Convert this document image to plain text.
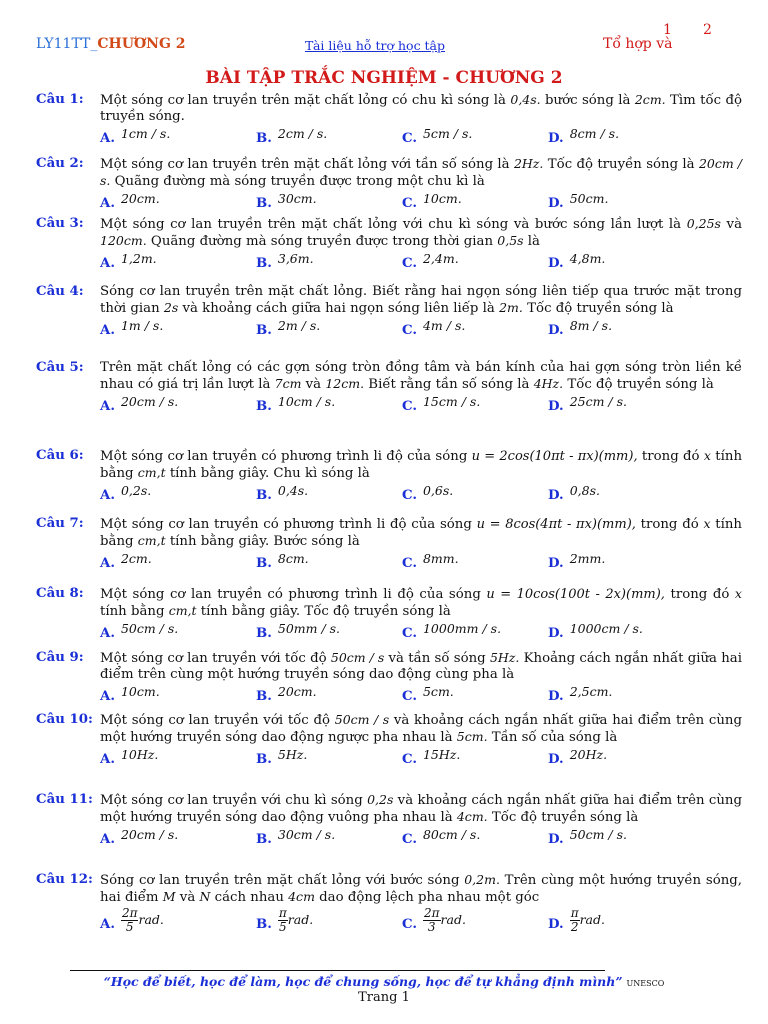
LY11TT_CHƯƠNG 2	Tài liệu hỗ trợ học tập	Tổ hợp và
1 2
BÀI TẬP TRẮC NGHIỆM - CHƯƠNG 2
Câu 1: Một sóng cơ lan truyền trên mặt chất lỏng có chu kì sóng là 0,4s. bước sóng là 2cm. Tìm tốc độ truyền sóng.
A. 1cm / s.	B. 2cm / s.	C. 5cm / s.	D. 8cm / s.
Câu 2: Một sóng cơ lan truyền trên mặt chất lỏng với tần số sóng là 2Hz. Tốc độ truyền sóng là 20cm / s. Quãng đường mà sóng truyền được trong một chu kì là
A. 20cm.	B. 30cm.	C. 10cm.	D. 50cm.
Câu 3: Một sóng cơ lan truyền trên mặt chất lỏng với chu kì sóng và bước sóng lần lượt là 0,25s và 120cm. Quãng đường mà sóng truyền được trong thời gian 0,5s là
A. 1,2m.	B. 3,6m.	C. 2,4m.	D. 4,8m.
Câu 4: Sóng cơ lan truyền trên mặt chất lỏng. Biết rằng hai ngọn sóng liên tiếp qua trước mặt trong thời gian 2s và khoảng cách giữa hai ngọn sóng liên liếp là 2m. Tốc độ truyền sóng là
A. 1m / s.	B. 2m / s.	C. 4m / s.	D. 8m / s.
Câu 5: Trên mặt chất lỏng có các gợn sóng tròn đồng tâm và bán kính của hai gợn sóng tròn liền kề nhau có giá trị lần lượt là 7cm và 12cm. Biết rằng tần số sóng là 4Hz. Tốc độ truyền sóng là
A. 20cm / s.	B. 10cm / s.	C. 15cm / s.	D. 25cm / s.
Câu 6: Một sóng cơ lan truyền có phương trình li độ của sóng u = 2cos(10πt - πx)(mm), trong đó x tính bằng cm,t tính bằng giây. Chu kì sóng là
A. 0,2s.	B. 0,4s.	C. 0,6s.	D. 0,8s.
Câu 7: Một sóng cơ lan truyền có phương trình li độ của sóng u = 8cos(4πt - πx)(mm), trong đó x tính bằng cm,t tính bằng giây. Bước sóng là
A. 2cm.	B. 8cm.	C. 8mm.	D. 2mm.
Câu 8: Một sóng cơ lan truyền có phương trình li độ của sóng u = 10cos(100t - 2x)(mm), trong đó x tính bằng cm,t tính bằng giây. Tốc độ truyền sóng là
A. 50cm / s.	B. 50mm / s.	C. 1000mm / s.	D. 1000cm / s.
Câu 9: Một sóng cơ lan truyền với tốc độ 50cm / s và tần số sóng 5Hz. Khoảng cách ngắn nhất giữa hai điểm trên cùng một hướng truyền sóng dao động cùng pha là
A. 10cm.	B. 20cm.	C. 5cm.	D. 2,5cm.
Câu 10: Một sóng cơ lan truyền với tốc độ 50cm / s và khoảng cách ngắn nhất giữa hai điểm trên cùng một hướng truyền sóng dao động ngược pha nhau là 5cm. Tần số của sóng là
A. 10Hz.	B. 5Hz.	C. 15Hz.	D. 20Hz.
Câu 11: Một sóng cơ lan truyền với chu kì sóng 0,2s và khoảng cách ngắn nhất giữa hai điểm trên cùng một hướng truyền sóng dao động vuông pha nhau là 4cm. Tốc độ truyền sóng là
A. 20cm / s.	B. 30cm / s.	C. 80cm / s.	D. 50cm / s.
Câu 12: Sóng cơ lan truyền trên mặt chất lỏng với bước sóng 0,2m. Trên cùng một hướng truyền sóng, hai điểm M và N cách nhau 4cm dao động lệch pha nhau một góc
A. $\frac{2\pi}{5}$ rad.	B. $\frac{\pi}{5}$ rad.	C. $\frac{2\pi}{3}$ rad.	D. $\frac{\pi}{2}$ rad.
“Học để biết, học để làm, học để chung sống, học để tự khẳng định mình” UNESCO
Trang 1
